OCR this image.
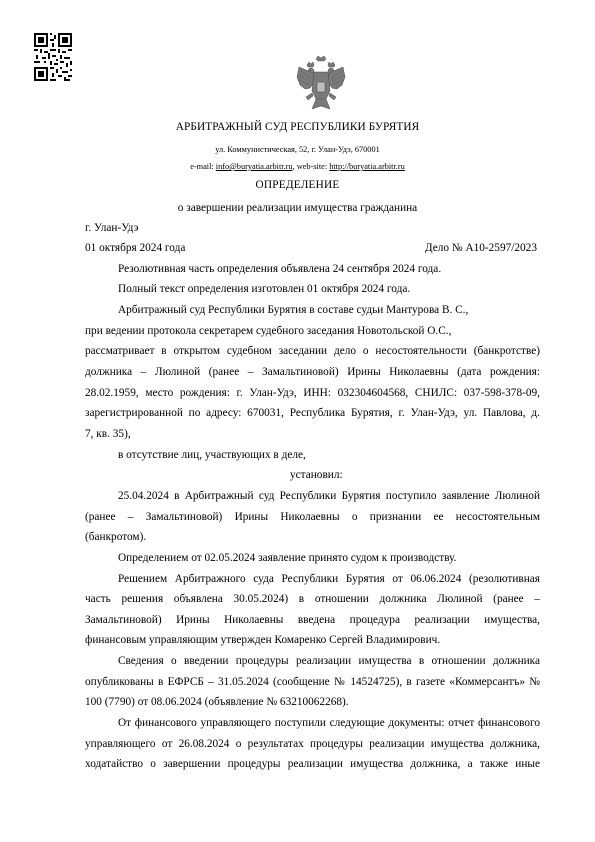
АРБИТРАЖНЫЙ СУД РЕСПУБЛИКИ БУРЯТИЯ
ул. Коммунистическая, 52, г. Улан-Удэ, 670001
e-mail: info@buryatia.arbitr.ru, web-site: http://buryatia.arbitr.ru
ОПРЕДЕЛЕНИЕ
о завершении реализации имущества гражданина
г. Улан-Удэ
01 октября 2024 года	Дело № А10-2597/2023
Резолютивная часть определения объявлена 24 сентября 2024 года.
Полный текст определения изготовлен 01 октября 2024 года.
Арбитражный суд Республики Бурятия в составе судьи Мантурова В. С.,
при ведении протокола секретарем судебного заседания Новотольской О.С.,
рассматривает в открытом судебном заседании дело о несостоятельности (банкротстве)
должника – Люлиной (ранее – Замальтиновой) Ирины Николаевны (дата рождения:
28.02.1959, место рождения: г. Улан-Удэ, ИНН: 032304604568, СНИЛС: 037-598-378-09,
зарегистрированной по адресу: 670031, Республика Бурятия, г. Улан-Удэ, ул. Павлова, д.
7, кв. 35),
в отсутствие лиц, участвующих в деле,
установил:
25.04.2024 в Арбитражный суд Республики Бурятия поступило заявление Люлиной
(ранее – Замальтиновой) Ирины Николаевны о признании ее несостоятельным
(банкротом).
Определением от 02.05.2024 заявление принято судом к производству.
Решением Арбитражного суда Республики Бурятия от 06.06.2024 (резолютивная
часть решения объявлена 30.05.2024) в отношении должника Люлиной (ранее –
Замальтиновой) Ирины Николаевны введена процедура реализации имущества,
финансовым управляющим утвержден Комаренко Сергей Владимирович.
Сведения о введении процедуры реализации имущества в отношении должника
опубликованы в ЕФРСБ – 31.05.2024 (сообщение № 14524725), в газете «Коммерсантъ» №
100 (7790) от 08.06.2024 (объявление № 63210062268).
От финансового управляющего поступили следующие документы: отчет финансового
управляющего от 26.08.2024 о результатах процедуры реализации имущества должника,
ходатайство о завершении процедуры реализации имущества должника, а также иные
